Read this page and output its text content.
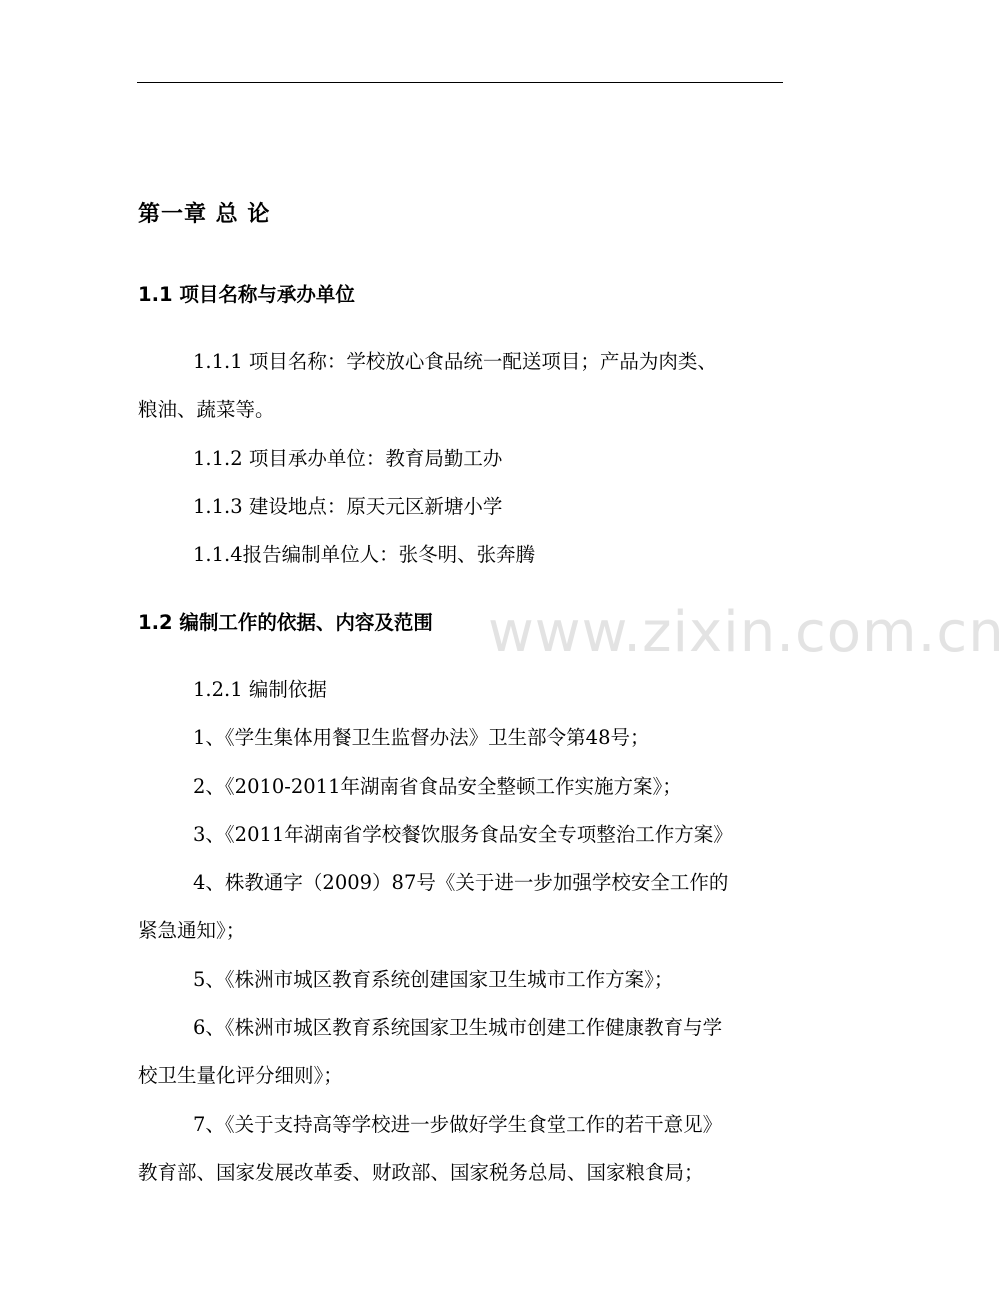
www.zixin.com.cn
第一章 总 论
1.1 项目名称与承办单位
1.1.1 项目名称：学校放心食品统一配送项目；产品为肉类、
粮油、蔬菜等。
1.1.2 项目承办单位：教育局勤工办
1.1.3 建设地点：原天元区新塘小学
1.1.4报告编制单位人：张冬明、张奔腾
1.2 编制工作的依据、内容及范围
1.2.1 编制依据
1、《学生集体用餐卫生监督办法》卫生部令第48号；
2、《2010-2011年湖南省食品安全整顿工作实施方案》；
3、《2011年湖南省学校餐饮服务食品安全专项整治工作方案》
4、株教通字（2009）87号《关于进一步加强学校安全工作的
紧急通知》；
5、《株洲市城区教育系统创建国家卫生城市工作方案》；
6、《株洲市城区教育系统国家卫生城市创建工作健康教育与学
校卫生量化评分细则》；
7、《关于支持高等学校进一步做好学生食堂工作的若干意见》
教育部、国家发展改革委、财政部、国家税务总局、国家粮食局；
